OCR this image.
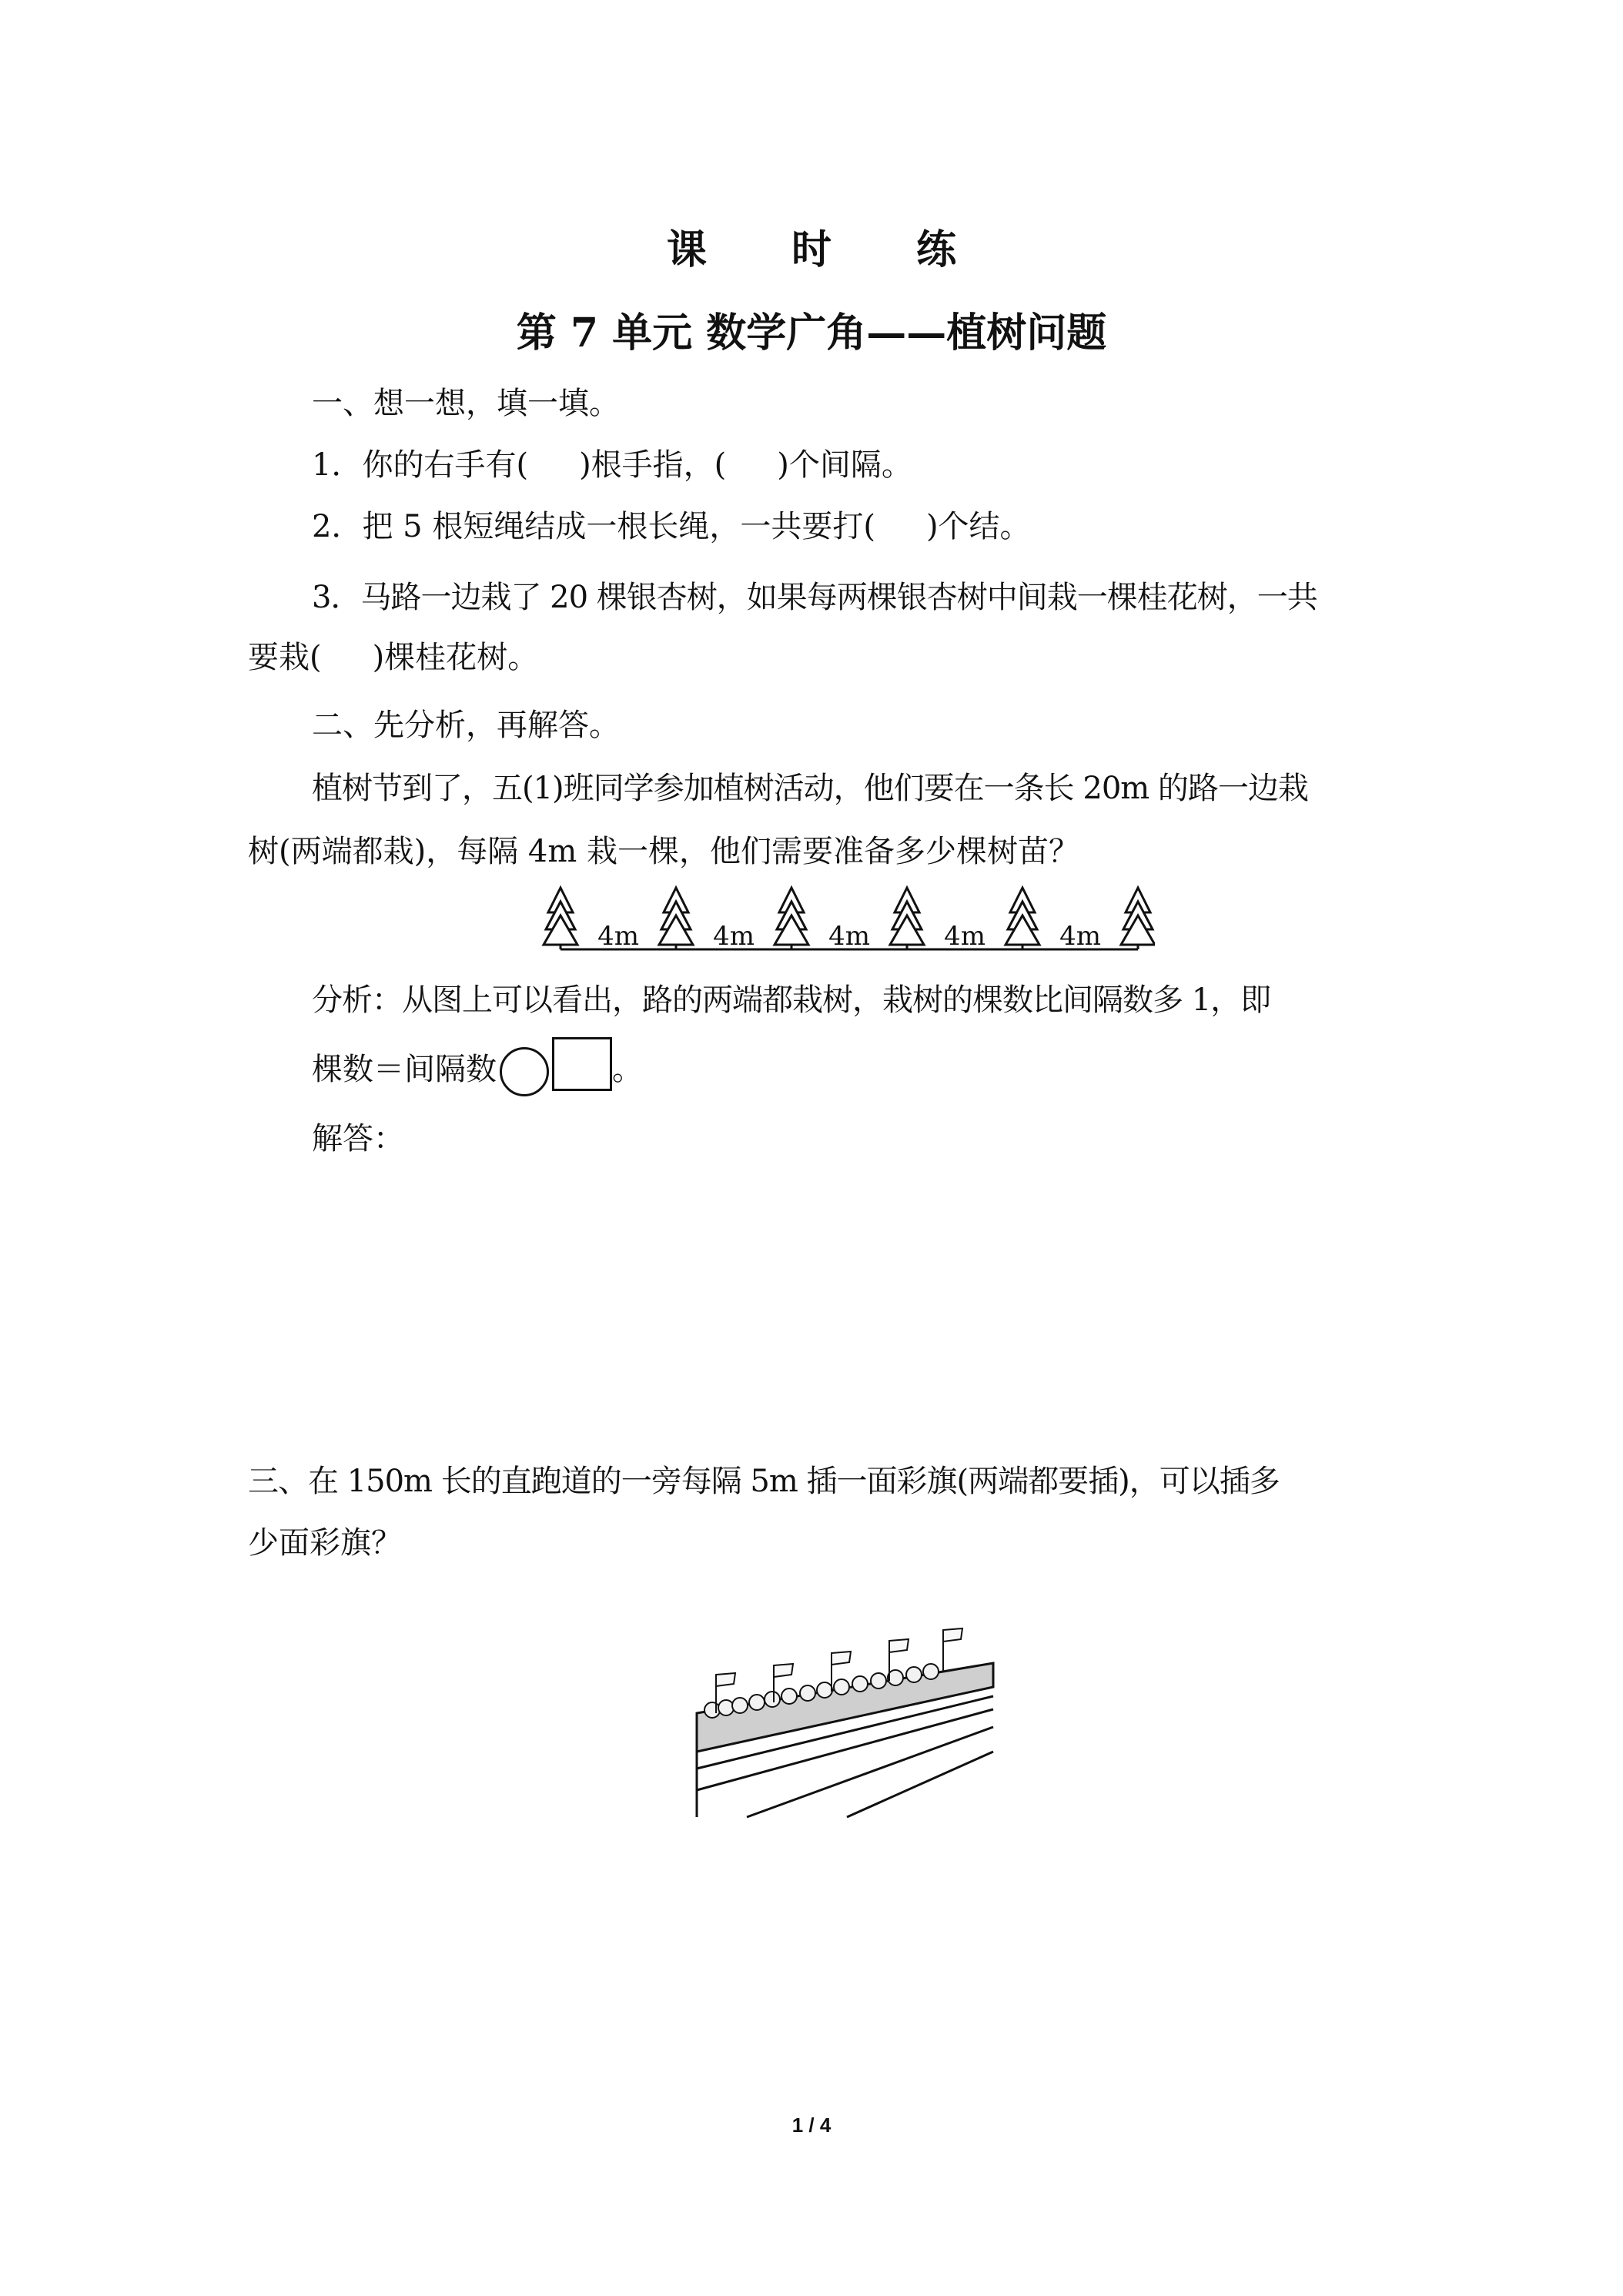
课 时 练
第 7 单元 数学广角——植树问题
一、想一想，填一填。
1．你的右手有( )根手指，( )个间隔。
2．把 5 根短绳结成一根长绳，一共要打( )个结。
3．马路一边栽了 20 棵银杏树，如果每两棵银杏树中间栽一棵桂花树，一共
要栽( )棵桂花树。
二、先分析，再解答。
植树节到了，五(1)班同学参加植树活动，他们要在一条长 20m 的路一边栽
树(两端都栽)，每隔 4m 栽一棵，他们需要准备多少棵树苗？
4m	4m	4m	4m	4m
分析：从图上可以看出，路的两端都栽树，栽树的棵数比间隔数多 1，即
棵数＝间隔数	。
解答：
三、在 150m 长的直跑道的一旁每隔 5m 插一面彩旗(两端都要插)，可以插多
少面彩旗？
1 / 4
